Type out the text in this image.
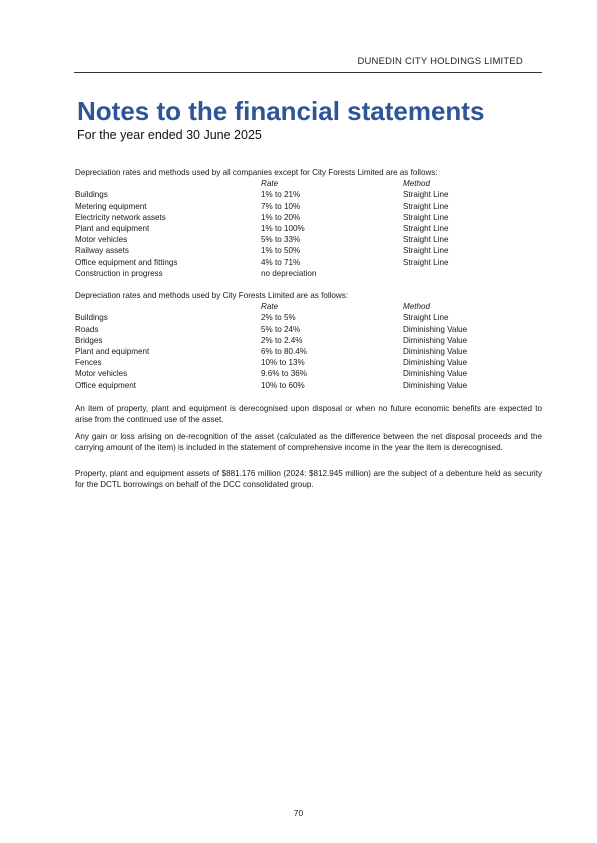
DUNEDIN CITY HOLDINGS LIMITED
Notes to the financial statements
For the year ended 30 June 2025

Depreciation rates and methods used by all companies except for City Forests Limited are as follows:

	Rate	Method
Buildings	1% to 21%	Straight Line
Metering equipment	7% to 10%	Straight Line
Electricity network assets	1% to 20%	Straight Line
Plant and equipment	1% to 100%	Straight Line
Motor vehicles	5% to 33%	Straight Line
Railway assets	1% to 50%	Straight Line
Office equipment and fittings	4% to 71%	Straight Line
Construction in progress	no depreciation	

Depreciation rates and methods used by City Forests Limited are as follows:

	Rate	Method
Buildings	2% to 5%	Straight Line
Roads	5% to 24%	Diminishing Value
Bridges	2% to 2.4%	Diminishing Value
Plant and equipment	6% to 80.4%	Diminishing Value
Fences	10% to 13%	Diminishing Value
Motor vehicles	9.6% to 36%	Diminishing Value
Office equipment	10% to 60%	Diminishing Value

An item of property, plant and equipment is derecognised upon disposal or when no future economic benefits are expected to arise from the continued use of the asset.

Any gain or loss arising on de-recognition of the asset (calculated as the difference between the net disposal proceeds and the carrying amount of the item) is included in the statement of comprehensive income in the year the item is derecognised.

Property, plant and equipment assets of $881.176 million (2024: $812.945 million) are the subject of a debenture held as security for the DCTL borrowings on behalf of the DCC consolidated group.

70
